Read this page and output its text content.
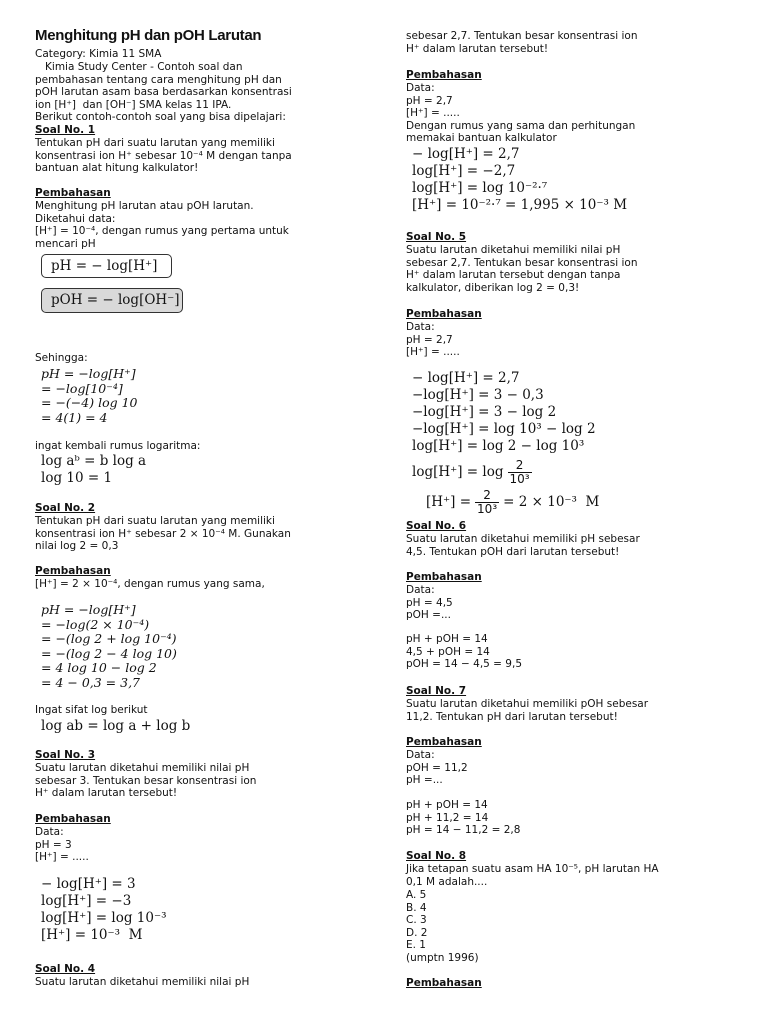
Menghitung pH dan pOH Larutan
Category: Kimia 11 SMA
Kimia Study Center - Contoh soal dan
pembahasan tentang cara menghitung pH dan
pOH larutan asam basa berdasarkan konsentrasi
ion [H⁺]  dan [OH⁻] SMA kelas 11 IPA.
Berikut contoh-contoh soal yang bisa dipelajari:
Soal No. 1
Tentukan pH dari suatu larutan yang memiliki
konsentrasi ion H⁺ sebesar 10⁻⁴ M dengan tanpa
bantuan alat hitung kalkulator!
Pembahasan
Menghitung pH larutan atau pOH larutan.
Diketahui data:
[H⁺] = 10⁻⁴, dengan rumus yang pertama untuk
mencari pH
pH = − log[H⁺]
pOH = − log[OH⁻]
Sehingga:
pH = −log[H⁺]
= −log[10⁻⁴]
= −(−4) log 10
= 4(1) = 4
ingat kembali rumus logaritma:
log aᵇ = b log a
log 10 = 1
Soal No. 2
Tentukan pH dari suatu larutan yang memiliki
konsentrasi ion H⁺ sebesar 2 × 10⁻⁴ M. Gunakan
nilai log 2 = 0,3
Pembahasan
[H⁺] = 2 × 10⁻⁴, dengan rumus yang sama,
pH = −log[H⁺]
= −log(2 × 10⁻⁴)
= −(log 2 + log 10⁻⁴)
= −(log 2 − 4 log 10)
= 4 log 10 − log 2
= 4 − 0,3 = 3,7
Ingat sifat log berikut
log ab = log a + log b
Soal No. 3
Suatu larutan diketahui memiliki nilai pH
sebesar 3. Tentukan besar konsentrasi ion
H⁺ dalam larutan tersebut!
Pembahasan
Data:
pH = 3
[H⁺] = .....
− log[H⁺] = 3
log[H⁺] = −3
log[H⁺] = log 10⁻³
[H⁺] = 10⁻³  M
Soal No. 4
Suatu larutan diketahui memiliki nilai pH
sebesar 2,7. Tentukan besar konsentrasi ion
H⁺ dalam larutan tersebut!
Pembahasan
Data:
pH = 2,7
[H⁺] = .....
Dengan rumus yang sama dan perhitungan
memakai bantuan kalkulator
− log[H⁺] = 2,7
log[H⁺] = −2,7
log[H⁺] = log 10⁻²·⁷
[H⁺] = 10⁻²·⁷ = 1,995 × 10⁻³ M
Soal No. 5
Suatu larutan diketahui memiliki nilai pH
sebesar 2,7. Tentukan besar konsentrasi ion
H⁺ dalam larutan tersebut dengan tanpa
kalkulator, diberikan log 2 = 0,3!
Pembahasan
Data:
pH = 2,7
[H⁺] = .....
− log[H⁺] = 2,7
−log[H⁺] = 3 − 0,3
−log[H⁺] = 3 − log 2
−log[H⁺] = log 10³ − log 2
log[H⁺] = log 2 − log 10³
$\log[H^+] = \log \frac{2}{\text{10³}}$
$[H^+] = \frac{2}{\text{10³}} = 2 \times 10^{-3}$  M
Soal No. 6
Suatu larutan diketahui memiliki pH sebesar
4,5. Tentukan pOH dari larutan tersebut!
Pembahasan
Data:
pH = 4,5
pOH =...
pH + pOH = 14
4,5 + pOH = 14
pOH = 14 − 4,5 = 9,5
Soal No. 7
Suatu larutan diketahui memiliki pOH sebesar
11,2. Tentukan pH dari larutan tersebut!
Pembahasan
Data:
pOH = 11,2
pH =...
pH + pOH = 14
pH + 11,2 = 14
pH = 14 − 11,2 = 2,8
Soal No. 8
Jika tetapan suatu asam HA 10⁻⁵, pH larutan HA
0,1 M adalah....
A. 5
B. 4
C. 3
D. 2
E. 1
(umptn 1996)
Pembahasan
